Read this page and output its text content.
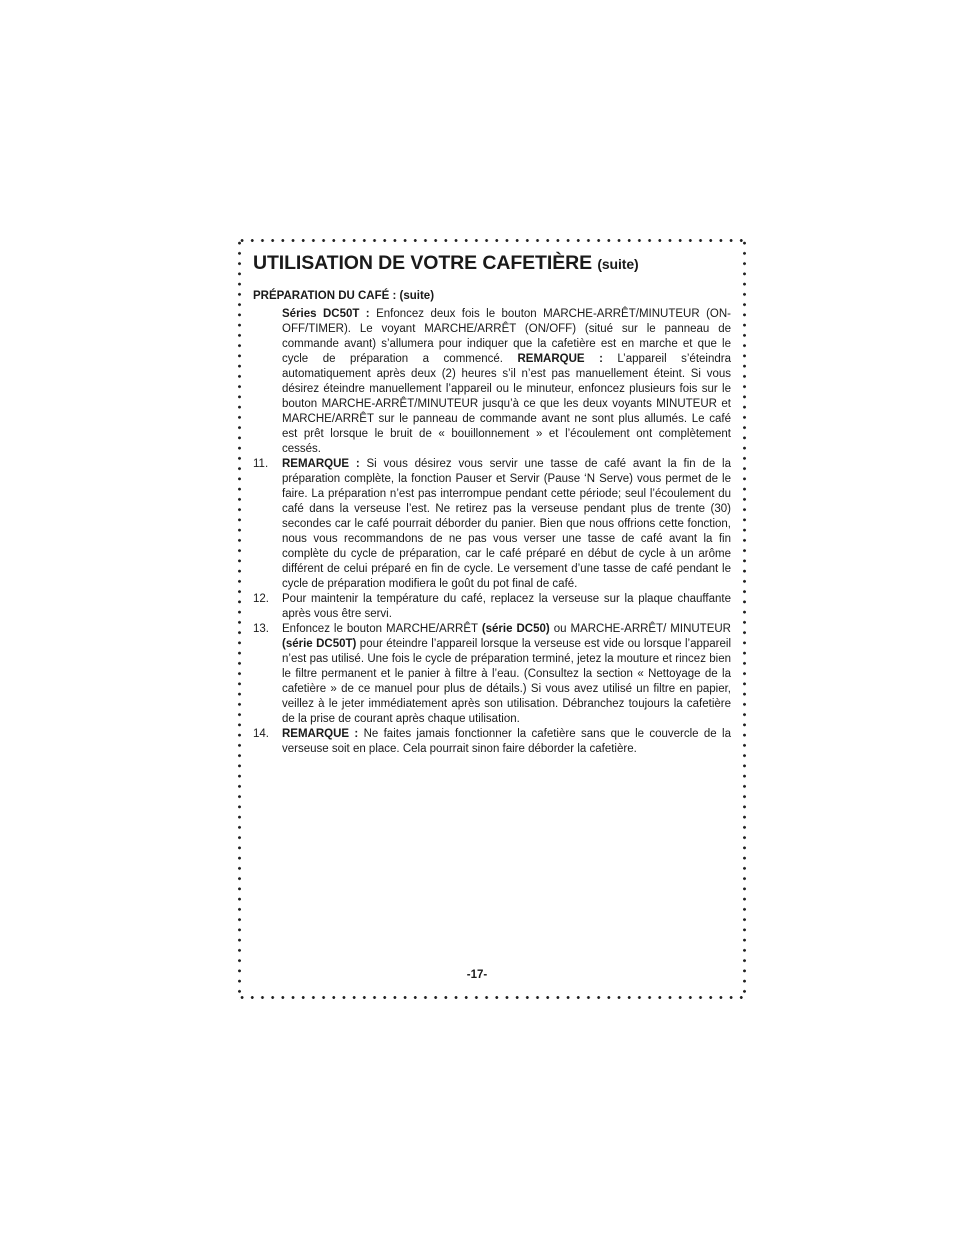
UTILISATION DE VOTRE CAFETIÈRE (suite)
PRÉPARATION DU CAFÉ : (suite)

Séries DC50T : Enfoncez deux fois le bouton MARCHE-ARRÊT/MINUTEUR (ON-OFF/TIMER). Le voyant MARCHE/ARRÊT (ON/OFF) (situé sur le panneau de commande avant) s’allumera pour indiquer que la cafetière est en marche et que le cycle de préparation a commencé. REMARQUE : L’appareil s’éteindra automatiquement après deux (2) heures s’il n’est pas manuellement éteint. Si vous désirez éteindre manuellement l’appareil ou le minuteur, enfoncez plusieurs fois sur le bouton MARCHE-ARRÊT/MINUTEUR jusqu’à ce que les deux voyants MINUTEUR et MARCHE/ARRÊT sur le panneau de commande avant ne sont plus allumés. Le café est prêt lorsque le bruit de « bouillonnement » et l’écoulement ont complètement cessés.

11.	REMARQUE : Si vous désirez vous servir une tasse de café avant la fin de la préparation complète, la fonction Pauser et Servir (Pause ‘N Serve) vous permet de le faire. La préparation n’est pas interrompue pendant cette période; seul l’écoulement du café dans la verseuse l’est. Ne retirez pas la verseuse pendant plus de trente (30) secondes car le café pourrait déborder du panier. Bien que nous offrions cette fonction, nous vous recommandons de ne pas vous verser une tasse de café avant la fin complète du cycle de préparation, car le café préparé en début de cycle à un arôme différent de celui préparé en fin de cycle. Le versement d’une tasse de café pendant le cycle de préparation modifiera le goût du pot final de café.

12.	Pour maintenir la température du café, replacez la verseuse sur la plaque chauffante après vous être servi.

13.	Enfoncez le bouton MARCHE/ARRÊT (série DC50) ou MARCHE-ARRÊT/ MINUTEUR (série DC50T) pour éteindre l’appareil lorsque la verseuse est vide ou lorsque l’appareil n’est pas utilisé. Une fois le cycle de préparation terminé, jetez la mouture et rincez bien le filtre permanent et le panier à filtre à l’eau. (Consultez la section « Nettoyage de la cafetière » de ce manuel pour plus de détails.) Si vous avez utilisé un filtre en papier, veillez à le jeter immédiatement après son utilisation. Débranchez toujours la cafetière de la prise de courant après chaque utilisation.

14.	REMARQUE : Ne faites jamais fonctionner la cafetière sans que le couvercle de la verseuse soit en place. Cela pourrait sinon faire déborder la cafetière.

-17-
